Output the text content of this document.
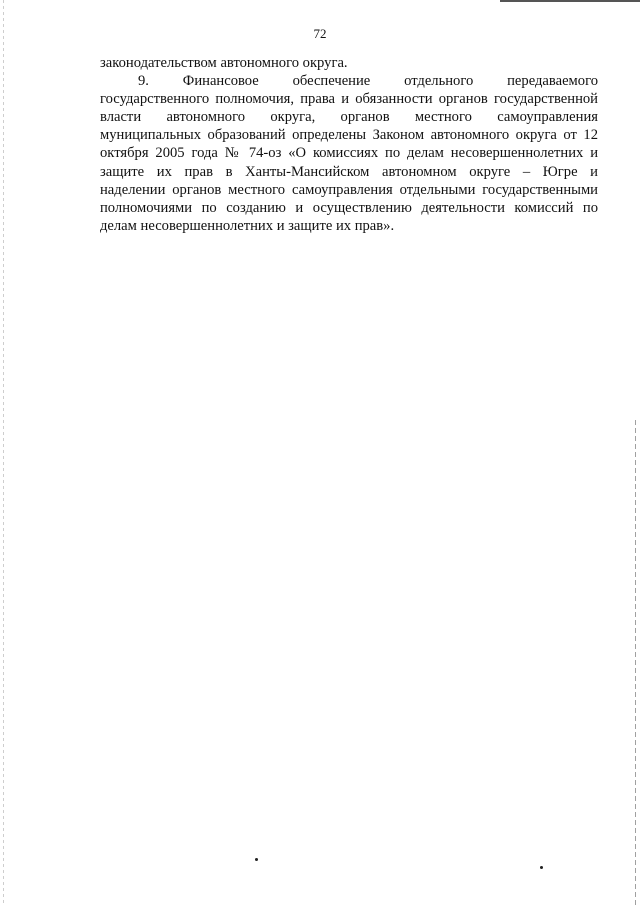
72
законодательством автономного округа.
9. Финансовое обеспечение отдельного передаваемого
государственного полномочия, права и обязанности органов государственной
власти автономного округа, органов местного самоуправления
муниципальных образований определены Законом автономного округа от 12
октября 2005 года № 74-оз «О комиссиях по делам несовершеннолетних и
защите их прав в Ханты-Мансийском автономном округе – Югре и
наделении органов местного самоуправления отдельными государственными
полномочиями по созданию и осуществлению деятельности комиссий по
делам несовершеннолетних и защите их прав».
